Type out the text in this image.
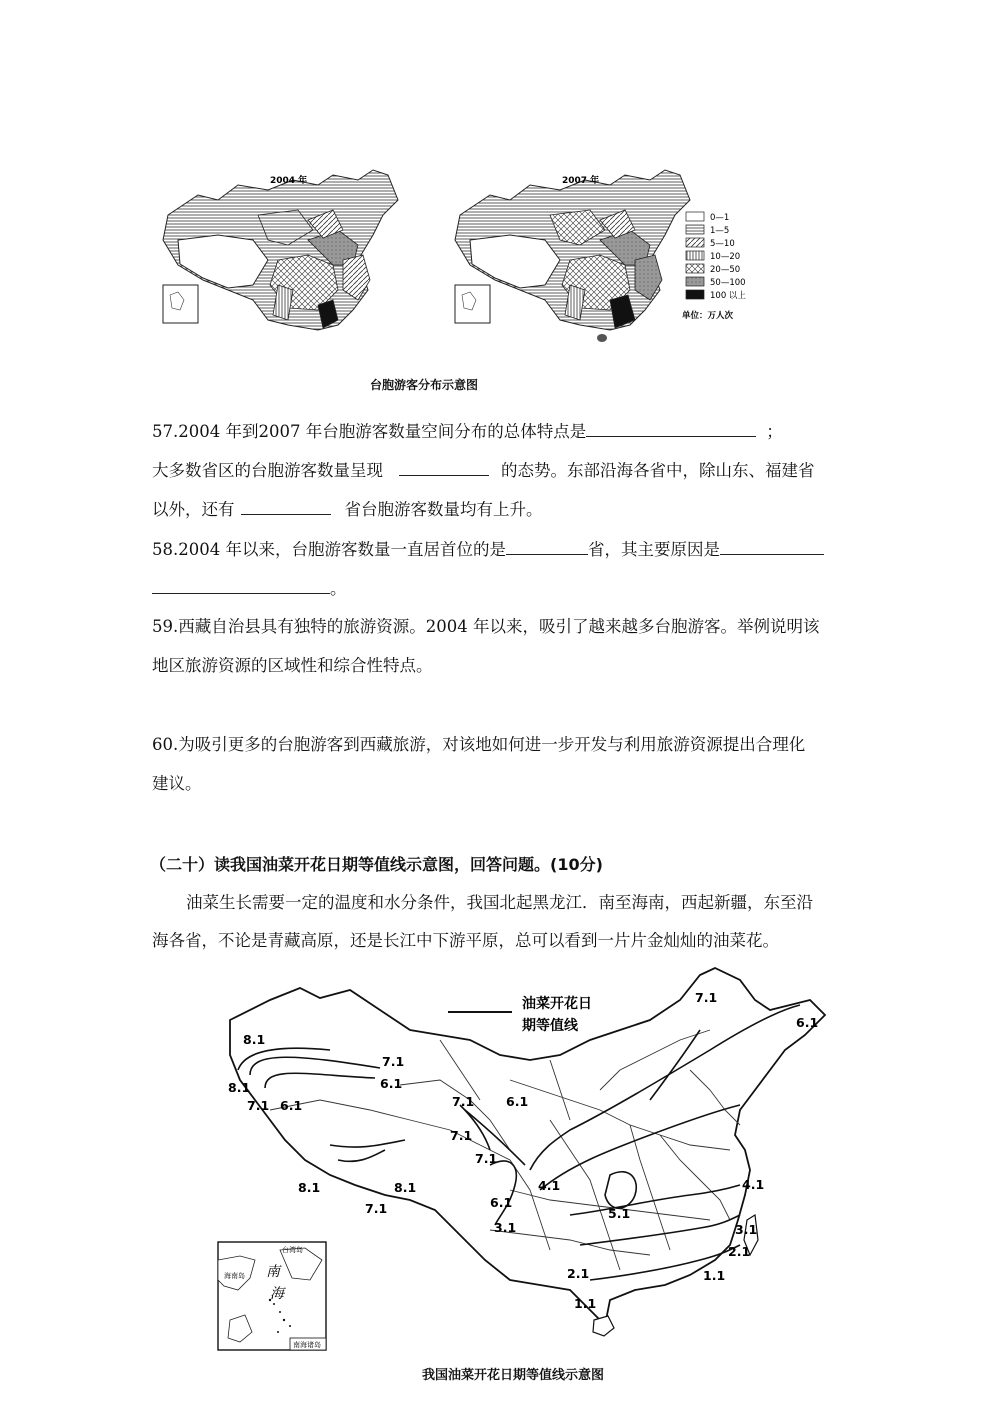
2004 年	2007 年
0—1
1—5
5—10
10—20
20—50
50—100
100 以上
单位：万人次
台胞游客分布示意图
57.2004 年到2007 年台胞游客数量空间分布的总体特点是	；
大多数省区的台胞游客数量呈现	的态势。东部沿海各省中，除山东、福建省
以外，还有	省台胞游客数量均有上升。
58.2004 年以来，台胞游客数量一直居首位的是	省，其主要原因是
。
59.西藏自治县具有独特的旅游资源。2004 年以来，吸引了越来越多台胞游客。举例说明该
地区旅游资源的区域性和综合性特点。
60.为吸引更多的台胞游客到西藏旅游，对该地如何进一步开发与利用旅游资源提出合理化
建议。
（二十）读我国油菜开花日期等值线示意图，回答问题。(10分)
油菜生长需要一定的温度和水分条件，我国北起黑龙江．南至海南，西起新疆，东至沿
海各省，不论是青藏高原，还是长江中下游平原，总可以看到一片片金灿灿的油菜花。
油菜开花日
期等值线
7.1
6.1
8.1
7.1
6.1
8.1
7.1 6.1	7.1	6.1
7.1
7.1
4.1
8.1	8.1
7.1	6.1
3.1
5.1
4.1
3.1
2.1
2.1	1.1
1.1
台湾岛
海南岛 南
海
南海诸岛
我国油菜开花日期等值线示意图
